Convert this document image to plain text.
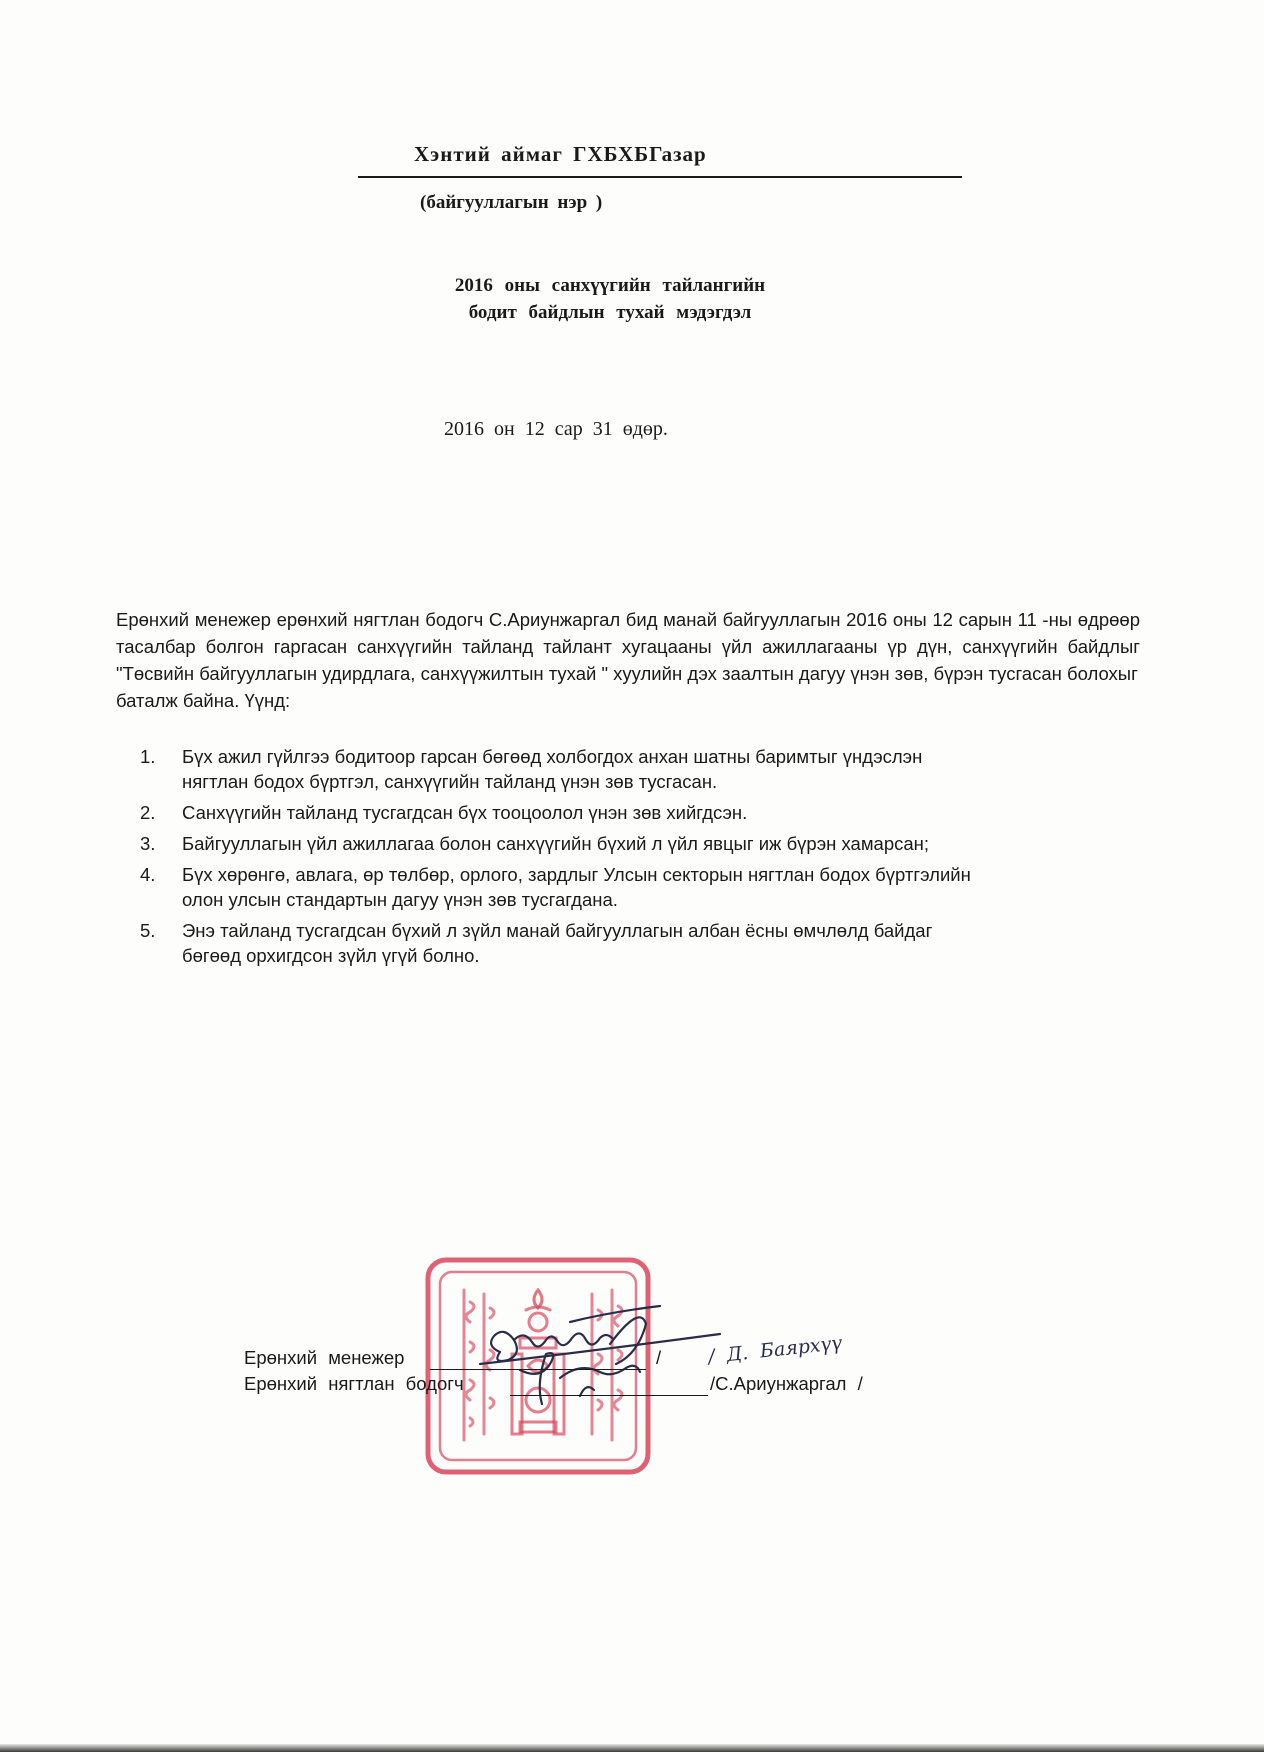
Хэнтий аймаг ГХБХБГазар

(байгууллагын нэр )

2016 оны санхүүгийн тайлангийн
бодит байдлын тухай мэдэгдэл

2016 он 12 сар 31 өдөр.

Ерөнхий менежер ерөнхий нягтлан бодогч С.Ариунжаргал бид манай байгууллагын 2016 оны 12 сарын 11 -ны өдрөөр тасалбар болгон гаргасан санхүүгийн тайланд тайлант хугацааны үйл ажиллагааны үр дүн, санхүүгийн байдлыг "Төсвийн байгууллагын удирдлага, санхүүжилтын тухай " хуулийн дэх заалтын дагуу үнэн зөв, бүрэн тусгасан болохыг

баталж байна. Үүнд:

1. Бүх ажил гүйлгээ бодитоор гарсан бөгөөд холбогдох анхан шатны баримтыг үндэслэн
нягтлан бодох бүртгэл, санхүүгийн тайланд үнэн зөв тусгасан.
2. Санхүүгийн тайланд тусгагдсан бүх тооцоолол үнэн зөв хийгдсэн.
3. Байгууллагын үйл ажиллагаа болон санхүүгийн бүхий л үйл явцыг иж бүрэн хамарсан;
4. Бүх хөрөнгө, авлага, өр төлбөр, орлого, зардлыг Улсын секторын нягтлан бодох бүртгэлийн
олон улсын стандартын дагуу үнэн зөв тусгагдана.
5. Энэ тайланд тусгагдсан бүхий л зүйл манай байгууллагын албан ёсны өмчлөлд байдаг
бөгөөд орхигдсон зүйл үгүй болно.
Ерөнхий менежер	/ / Д. Баярхүү
Ерөнхий нягтлан бодогч	/С.Ариунжаргал /
